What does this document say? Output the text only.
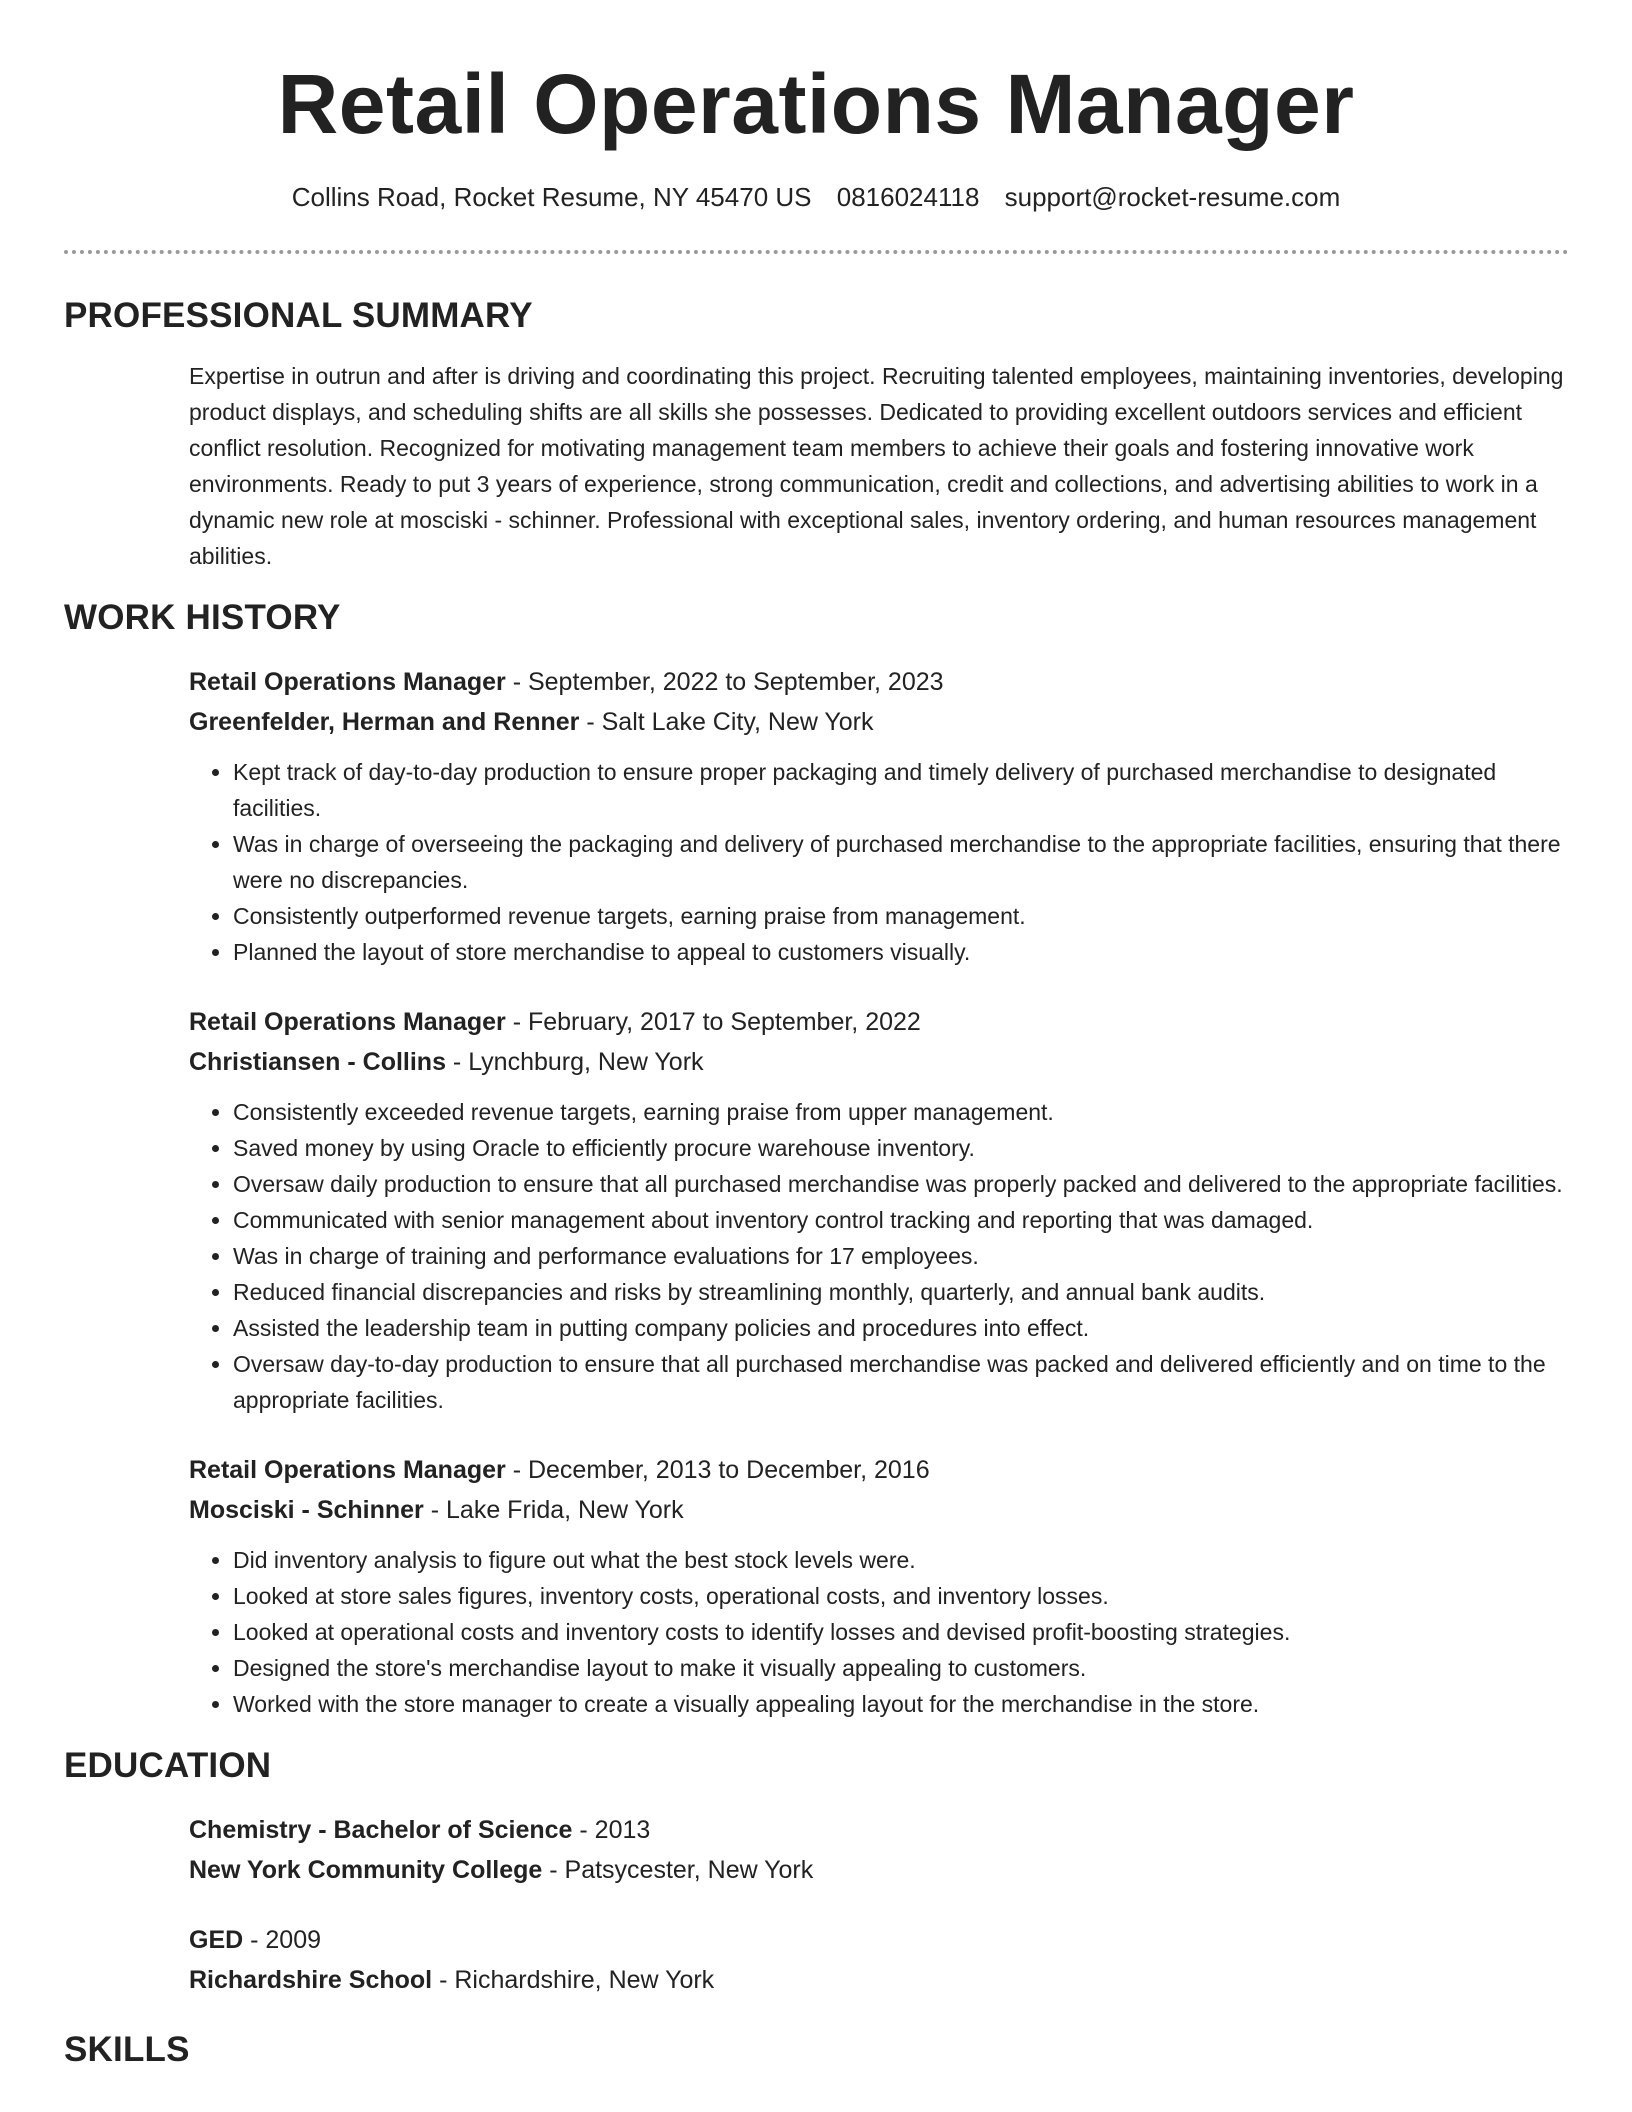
Retail Operations Manager
Collins Road, Rocket Resume, NY 45470 US 0816024118 support@rocket-resume.com
PROFESSIONAL SUMMARY

Expertise in outrun and after is driving and coordinating this project. Recruiting talented employees, maintaining inventories, developing product displays, and scheduling shifts are all skills she possesses. Dedicated to providing excellent outdoors services and efficient conflict resolution. Recognized for motivating management team members to achieve their goals and fostering innovative work environments. Ready to put 3 years of experience, strong communication, credit and collections, and advertising abilities to work in a dynamic new role at mosciski - schinner. Professional with exceptional sales, inventory ordering, and human resources management abilities.

WORK HISTORY

Retail Operations Manager - September, 2022 to September, 2023

Greenfelder, Herman and Renner - Salt Lake City, New York

• Kept track of day-to-day production to ensure proper packaging and timely delivery of purchased merchandise to designated facilities.
• Was in charge of overseeing the packaging and delivery of purchased merchandise to the appropriate facilities, ensuring that there were no discrepancies.
• Consistently outperformed revenue targets, earning praise from management.
• Planned the layout of store merchandise to appeal to customers visually.

Retail Operations Manager - February, 2017 to September, 2022

Christiansen - Collins - Lynchburg, New York

• Consistently exceeded revenue targets, earning praise from upper management.
• Saved money by using Oracle to efficiently procure warehouse inventory.
• Oversaw daily production to ensure that all purchased merchandise was properly packed and delivered to the appropriate facilities.
• Communicated with senior management about inventory control tracking and reporting that was damaged.
• Was in charge of training and performance evaluations for 17 employees.
• Reduced financial discrepancies and risks by streamlining monthly, quarterly, and annual bank audits.
• Assisted the leadership team in putting company policies and procedures into effect.
• Oversaw day-to-day production to ensure that all purchased merchandise was packed and delivered efficiently and on time to the appropriate facilities.

Retail Operations Manager - December, 2013 to December, 2016

Mosciski - Schinner - Lake Frida, New York

• Did inventory analysis to figure out what the best stock levels were.
• Looked at store sales figures, inventory costs, operational costs, and inventory losses.
• Looked at operational costs and inventory costs to identify losses and devised profit-boosting strategies.
• Designed the store's merchandise layout to make it visually appealing to customers.
• Worked with the store manager to create a visually appealing layout for the merchandise in the store.
EDUCATION

Chemistry - Bachelor of Science - 2013

New York Community College - Patsycester, New York

GED - 2009

Richardshire School - Richardshire, New York

SKILLS
